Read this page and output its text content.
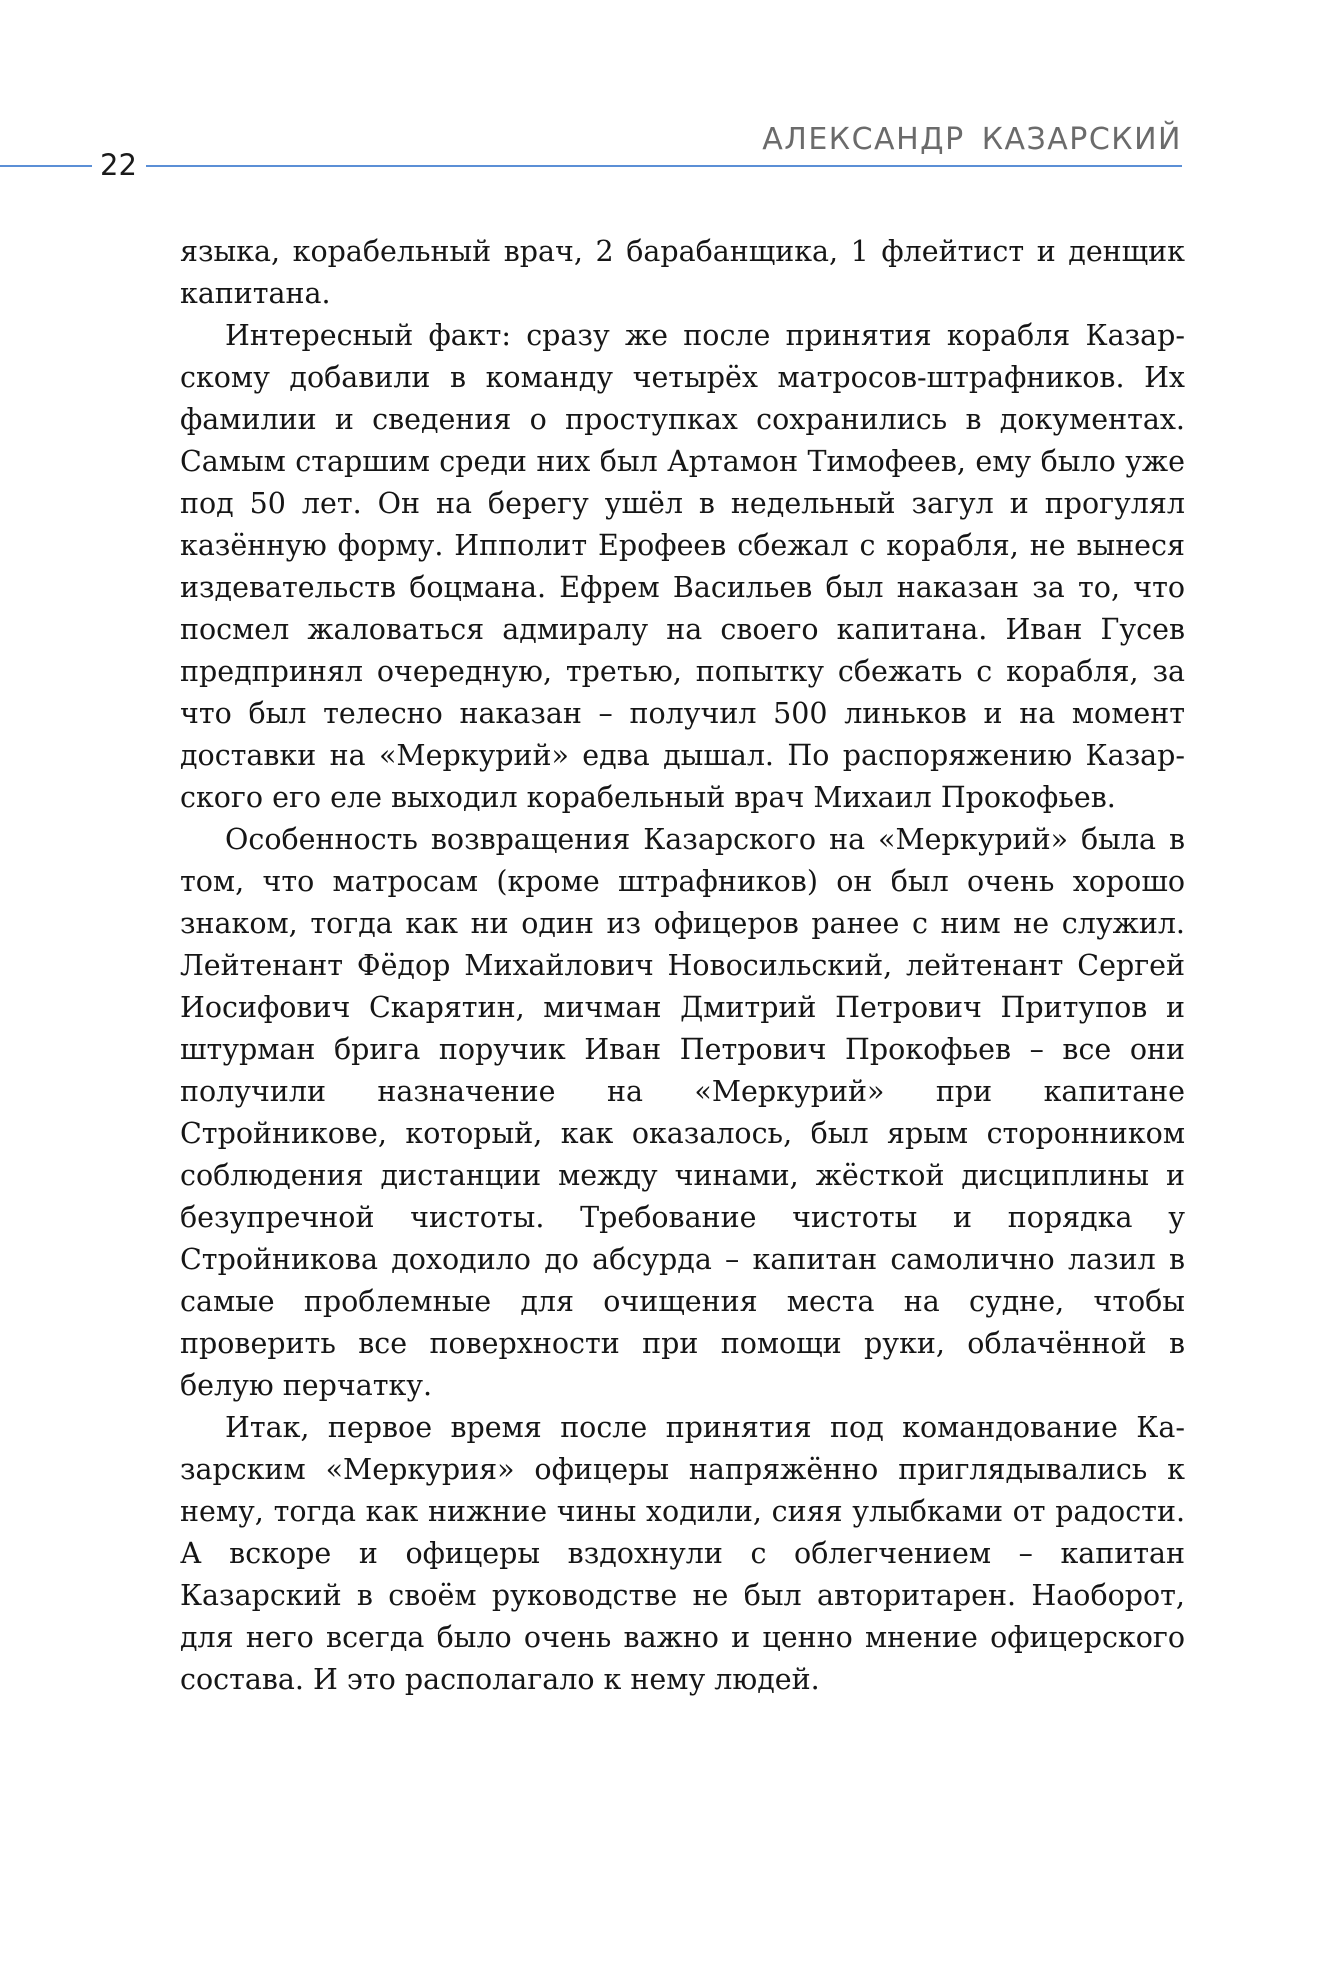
АЛЕКСАНДР КАЗАРСКИЙ
22

языка, корабельный врач, 2 барабанщика, 1 флейтист и денщик капитана.

Интересный факт: сразу же после принятия корабля Казарскому добавили в команду четырёх матросов-штрафников. Их фамилии и сведения о проступках сохранились в документах. Самым старшим среди них был Артамон Тимофеев, ему было уже под 50 лет. Он на берегу ушёл в недельный загул и прогулял казённую форму. Ипполит Ерофеев сбежал с корабля, не вынеся издевательств боцмана. Ефрем Васильев был наказан за то, что посмел жаловаться адмиралу на своего капитана. Иван Гусев предпринял очередную, третью, попытку сбежать с корабля, за что был телесно наказан – получил 500 линьков и на момент доставки на «Меркурий» едва дышал. По распоряжению Казарского его еле выходил корабельный врач Михаил Прокофьев.

Особенность возвращения Казарского на «Меркурий» была в том, что матросам (кроме штрафников) он был очень хорошо знаком, тогда как ни один из офицеров ранее с ним не служил. Лейтенант Фёдор Михайлович Новосильский, лейтенант Сергей Иосифович Скарятин, мичман Дмитрий Петрович Притупов и штурман брига поручик Иван Петрович Прокофьев – все они получили назначение на «Меркурий» при капитане Стройникове, который, как оказалось, был ярым сторонником соблюдения дистанции между чинами, жёсткой дисциплины и безупречной чистоты. Требование чистоты и порядка у Стройникова доходило до абсурда – капитан самолично лазил в самые проблемные для очищения места на судне, чтобы проверить все поверхности при помощи руки, облачённой в белую перчатку.

Итак, первое время после принятия под командование Казарским «Меркурия» офицеры напряжённо приглядывались к нему, тогда как нижние чины ходили, сияя улыбками от радости. А вскоре и офицеры вздохнули с облегчением – капитан Казарский в своём руководстве не был авторитарен. Наоборот, для него всегда было очень важно и ценно мнение офицерского состава. И это располагало к нему людей.
